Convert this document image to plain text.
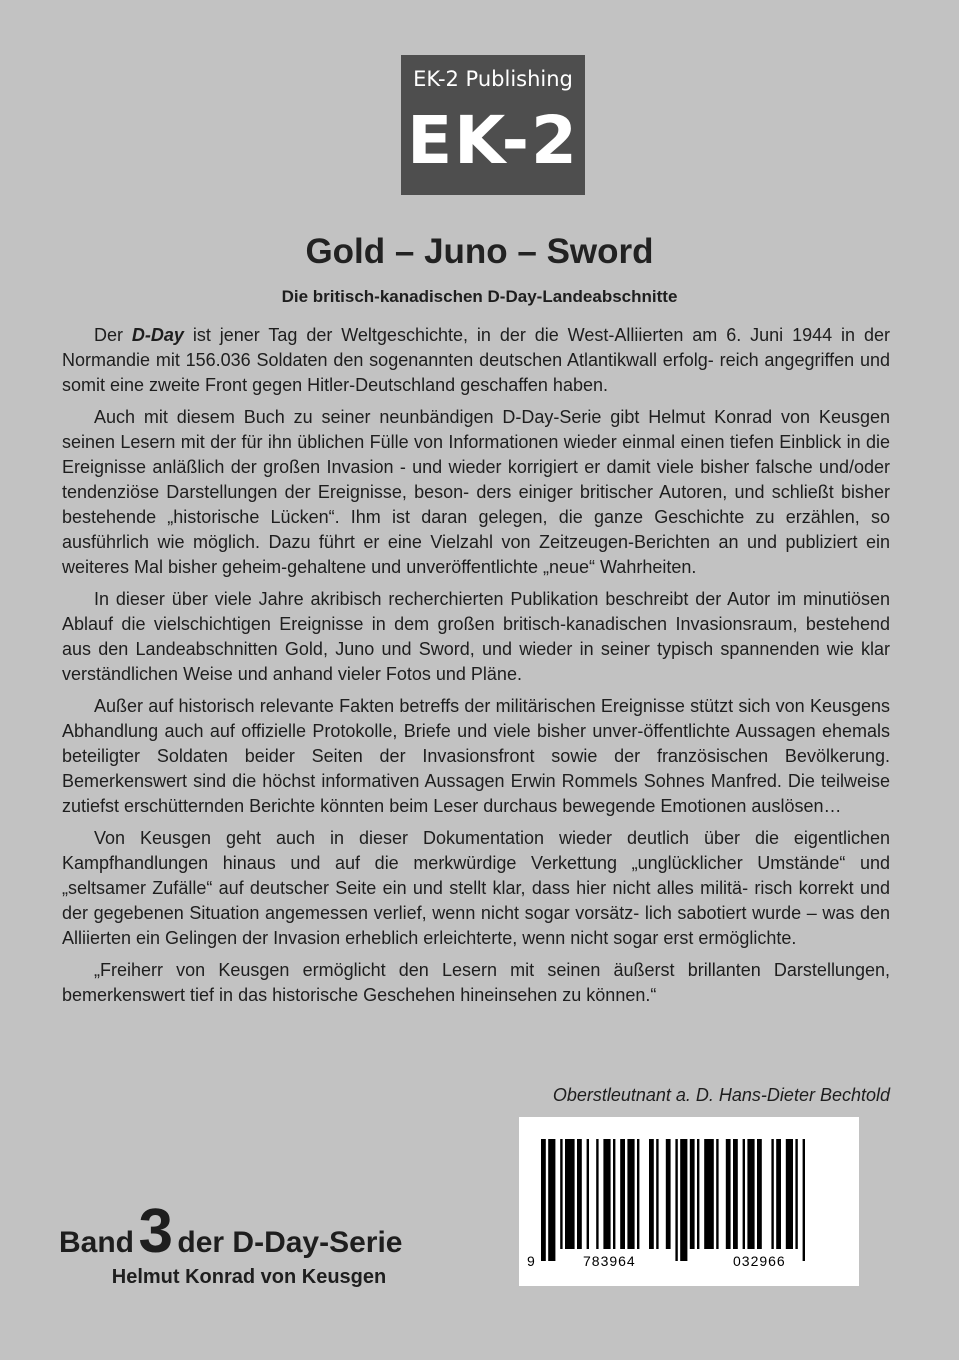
EK-2 Publishing
EK-2
Gold – Juno – Sword
Die britisch-kanadischen D-Day-Landeabschnitte

Der D-Day ist jener Tag der Weltgeschichte, in der die West-Alliierten am 6. Juni 1944 in der Normandie mit 156.036 Soldaten den sogenannten deutschen Atlantikwall erfolg- reich angegriffen und somit eine zweite Front gegen Hitler-Deutschland geschaffen haben.

Auch mit diesem Buch zu seiner neunbändigen D-Day-Serie gibt Helmut Konrad von Keusgen seinen Lesern mit der für ihn üblichen Fülle von Informationen wieder einmal einen tiefen Einblick in die Ereignisse anläßlich der großen Invasion - und wieder korrigiert er damit viele bisher falsche und/oder tendenziöse Darstellungen der Ereignisse, beson- ders einiger britischer Autoren, und schließt bisher bestehende „historische Lücken“. Ihm ist daran gelegen, die ganze Geschichte zu erzählen, so ausführlich wie möglich. Dazu führt er eine Vielzahl von Zeitzeugen-Berichten an und publiziert ein weiteres Mal bisher geheim-gehaltene und unveröffentlichte „neue“ Wahrheiten.

In dieser über viele Jahre akribisch recherchierten Publikation beschreibt der Autor im minutiösen Ablauf die vielschichtigen Ereignisse in dem großen britisch-kanadischen Invasionsraum, bestehend aus den Landeabschnitten Gold, Juno und Sword, und wieder in seiner typisch spannenden wie klar verständlichen Weise und anhand vieler Fotos und Pläne.

Außer auf historisch relevante Fakten betreffs der militärischen Ereignisse stützt sich von Keusgens Abhandlung auch auf offizielle Protokolle, Briefe und viele bisher unver-öffentlichte Aussagen ehemals beteiligter Soldaten beider Seiten der Invasionsfront sowie der französischen Bevölkerung. Bemerkenswert sind die höchst informativen Aussagen Erwin Rommels Sohnes Manfred. Die teilweise zutiefst erschütternden Berichte könnten beim Leser durchaus bewegende Emotionen auslösen…

Von Keusgen geht auch in dieser Dokumentation wieder deutlich über die eigentlichen Kampfhandlungen hinaus und auf die merkwürdige Verkettung „unglücklicher Umstände“ und „seltsamer Zufälle“ auf deutscher Seite ein und stellt klar, dass hier nicht alles militä- risch korrekt und der gegebenen Situation angemessen verlief, wenn nicht sogar vorsätz- lich sabotiert wurde – was den Alliierten ein Gelingen der Invasion erheblich erleichterte, wenn nicht sogar erst ermöglichte.

„Freiherr von Keusgen ermöglicht den Lesern mit seinen äußerst brillanten Darstellungen, bemerkenswert tief in das historische Geschehen hineinsehen zu können.“

Oberstleutnant a. D. Hans-Dieter Bechtold

Band 3 der D-Day-Serie

Helmut Konrad von Keusgen

9	783964	032966
